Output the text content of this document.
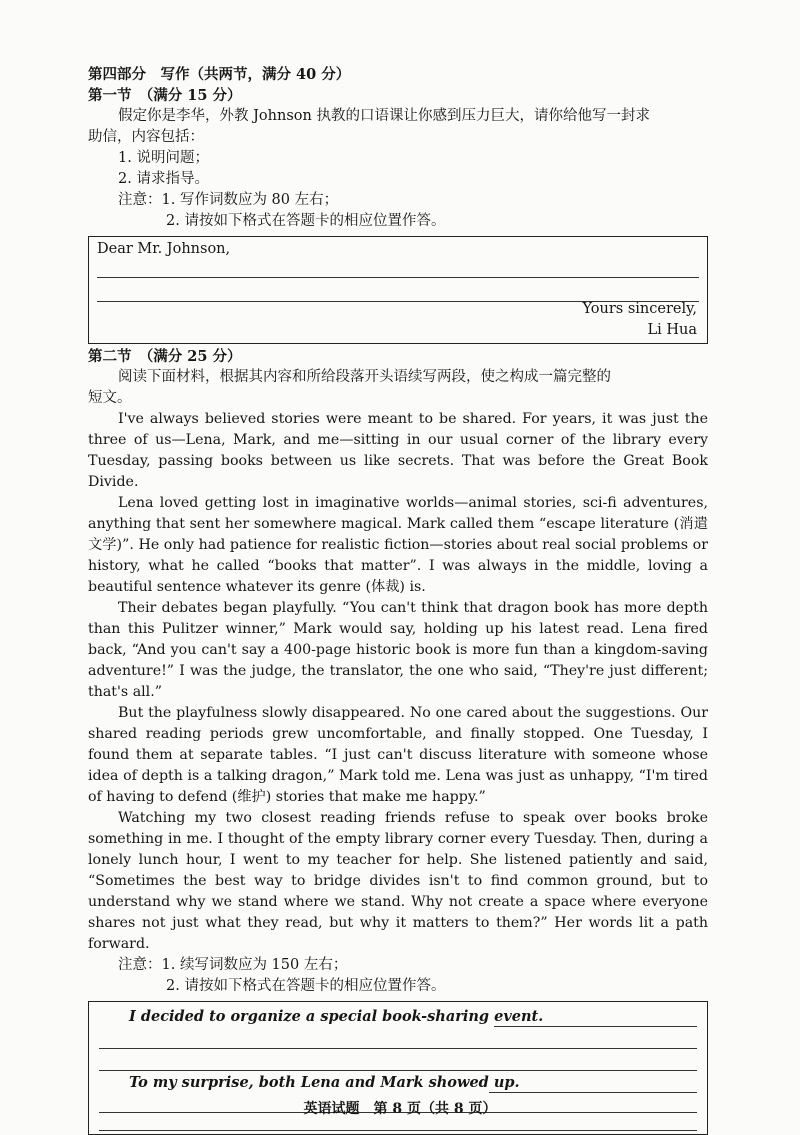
第四部分　写作（共两节，满分 40 分）
第一节　（满分 15 分）
假定你是李华，外教 Johnson 执教的口语课让你感到压力巨大，请你给他写一封求
助信，内容包括：
1. 说明问题；
2. 请求指导。
注意：1. 写作词数应为 80 左右；
2. 请按如下格式在答题卡的相应位置作答。
Dear Mr. Johnson,
Yours sincerely,
Li Hua
第二节　（满分 25 分）
阅读下面材料，根据其内容和所给段落开头语续写两段，使之构成一篇完整的
短文。

I've always believed stories were meant to be shared. For years, it was just the three of us—Lena, Mark, and me—sitting in our usual corner of the library every Tuesday, passing books between us like secrets. That was before the Great Book Divide.

Lena loved getting lost in imaginative worlds—animal stories, sci-fi adventures, anything that sent her somewhere magical. Mark called them “escape literature (消遣文学)”. He only had patience for realistic fiction—stories about real social problems or history, what he called “books that matter”. I was always in the middle, loving a beautiful sentence whatever its genre (体裁) is.

Their debates began playfully. “You can't think that dragon book has more depth than this Pulitzer winner,” Mark would say, holding up his latest read. Lena fired back, “And you can't say a 400-page historic book is more fun than a kingdom-saving adventure!” I was the judge, the translator, the one who said, “They're just different; that's all.”

But the playfulness slowly disappeared. No one cared about the suggestions. Our shared reading periods grew uncomfortable, and finally stopped. One Tuesday, I found them at separate tables. “I just can't discuss literature with someone whose idea of depth is a talking dragon,” Mark told me. Lena was just as unhappy, “I'm tired of having to defend (维护) stories that make me happy.”

Watching my two closest reading friends refuse to speak over books broke something in me. I thought of the empty library corner every Tuesday. Then, during a lonely lunch hour, I went to my teacher for help. She listened patiently and said, “Sometimes the best way to bridge divides isn't to find common ground, but to understand why we stand where we stand. Why not create a space where everyone shares not just what they read, but why it matters to them?” Her words lit a path forward.

注意：1. 续写词数应为 150 左右；
2. 请按如下格式在答题卡的相应位置作答。
I decided to organize a special book-sharing event.
To my surprise, both Lena and Mark showed up.
英语试题　第 8 页（共 8 页）
